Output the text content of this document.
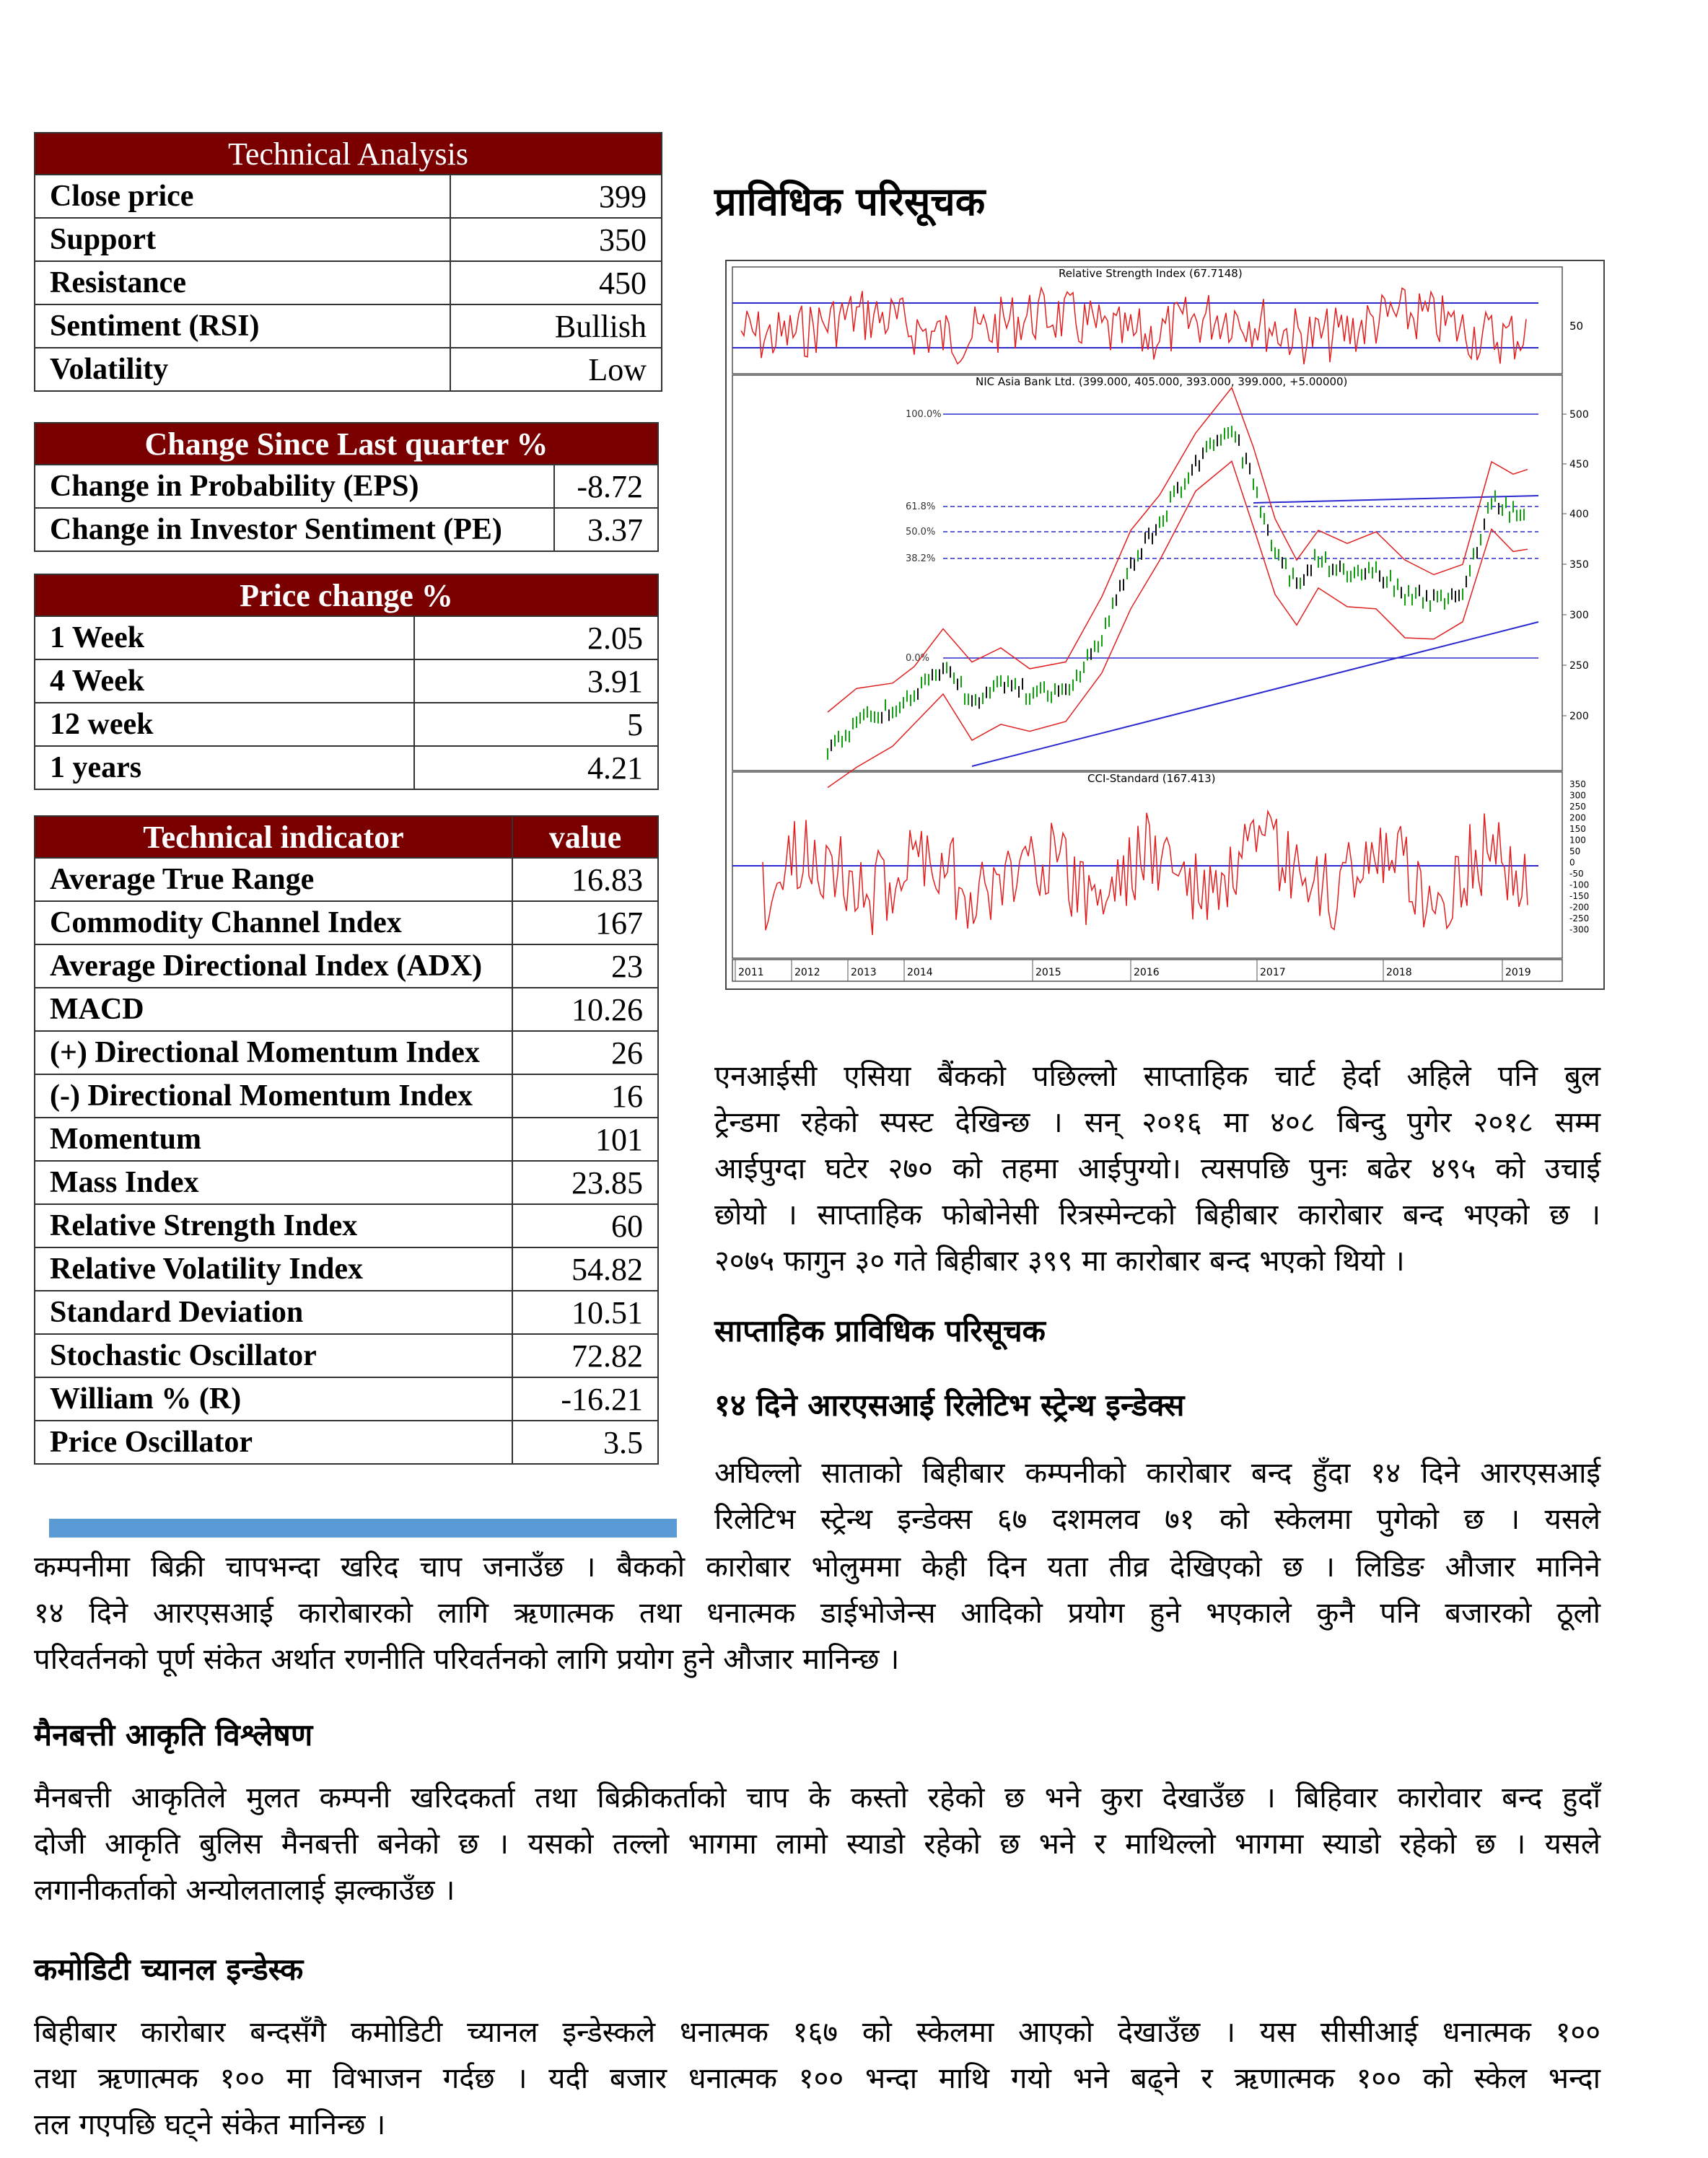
Technical Analysis	
Close price	399
Support	350
Resistance	450
Sentiment (RSI)	Bullish
Volatility	Low
Change Since Last quarter %	
Change in Probability (EPS)	-8.72
Change in Investor Sentiment (PE)	3.37
Price change %	
1 Week	2.05
4 Week	3.91
12 week	5
1 years	4.21
Technical indicator	value
Average True Range	16.83
Commodity Channel Index	167
Average Directional Index (ADX)	23
MACD	10.26
(+) Directional Momentum Index	26
(-) Directional Momentum Index	16
Momentum	101
Mass Index	23.85
Relative Strength Index	60
Relative Volatility Index	54.82
Standard Deviation	10.51
Stochastic Oscillator	72.82
William % (R)	-16.21
Price Oscillator	3.5
प्राविधिक परिसूचक
Relative Strength Index (67.7148)
50
NIC Asia Bank Ltd. (399.000, 405.000, 393.000, 399.000, +5.00000)
CCI-Standard (167.413)
500
450
400
350
300
250
200
100.0%
61.8%
50.0%
38.2%
0.0%
350
300
250
200
150
100
50
0
-50
-100
-150
-200
-250
-300
2011	2012	2013	2014	2015	2016	2017	2018	2019
एनआईसी एसिया बैंकको पछिल्लो साप्ताहिक चार्ट हेर्दा अहिले पनि बुल
ट्रेन्डमा रहेको स्पस्ट देखिन्छ । सन् २०१६ मा ४०८ बिन्दु पुगेर २०१८ सम्म
आईपुग्दा घटेर २७० को तहमा आईपुग्यो। त्यसपछि पुनः बढेर ४९५ को उचाई
छोयो । साप्ताहिक फोबोनेसी रित्रस्मेन्टको बिहीबार कारोबार बन्द भएको छ ।
२०७५ फागुन ३० गते बिहीबार ३९९ मा कारोबार बन्द भएको थियो ।
साप्ताहिक प्राविधिक परिसूचक
१४ दिने आरएसआई रिलेटिभ स्ट्रेन्थ इन्डेक्स
अघिल्लो साताको बिहीबार कम्पनीको कारोबार बन्द हुँदा १४ दिने आरएसआई
रिलेटिभ स्ट्रेन्थ इन्डेक्स ६७ दशमलव ७१ को स्केलमा पुगेको छ । यसले
कम्पनीमा बिक्री चापभन्दा खरिद चाप जनाउँछ । बैकको कारोबार भोलुममा केही दिन यता तीव्र देखिएको छ । लिडिङ औजार मानिने
१४ दिने आरएसआई कारोबारको लागि ऋणात्मक तथा धनात्मक डाईभोजेन्स आदिको प्रयोग हुने भएकाले कुनै पनि बजारको ठूलो
परिवर्तनको पूर्ण संकेत अर्थात रणनीति परिवर्तनको लागि प्रयोग हुने औजार मानिन्छ ।
मैनबत्ती आकृति विश्लेषण
मैनबत्ती आकृतिले मुलत कम्पनी खरिदकर्ता तथा बिक्रीकर्ताको चाप के कस्तो रहेको छ भने कुरा देखाउँछ । बिहिवार कारोवार बन्द हुदाँ
दोजी आकृति बुलिस मैनबत्ती बनेको छ । यसको तल्लो भागमा लामो स्याडो रहेको छ भने र माथिल्लो भागमा स्याडो रहेको छ । यसले
लगानीकर्ताको अन्योलतालाई झल्काउँछ ।
कमोडिटी च्यानल इन्डेस्क
बिहीबार कारोबार बन्दसँगै कमोडिटी च्यानल इन्डेस्कले धनात्मक १६७ को स्केलमा आएको देखाउँछ । यस सीसीआई धनात्मक १००
तथा ऋणात्मक १०० मा विभाजन गर्दछ । यदी बजार धनात्मक १०० भन्दा माथि गयो भने बढ्ने र ऋणात्मक १०० को स्केल भन्दा
तल गएपछि घट्ने संकेत मानिन्छ ।
